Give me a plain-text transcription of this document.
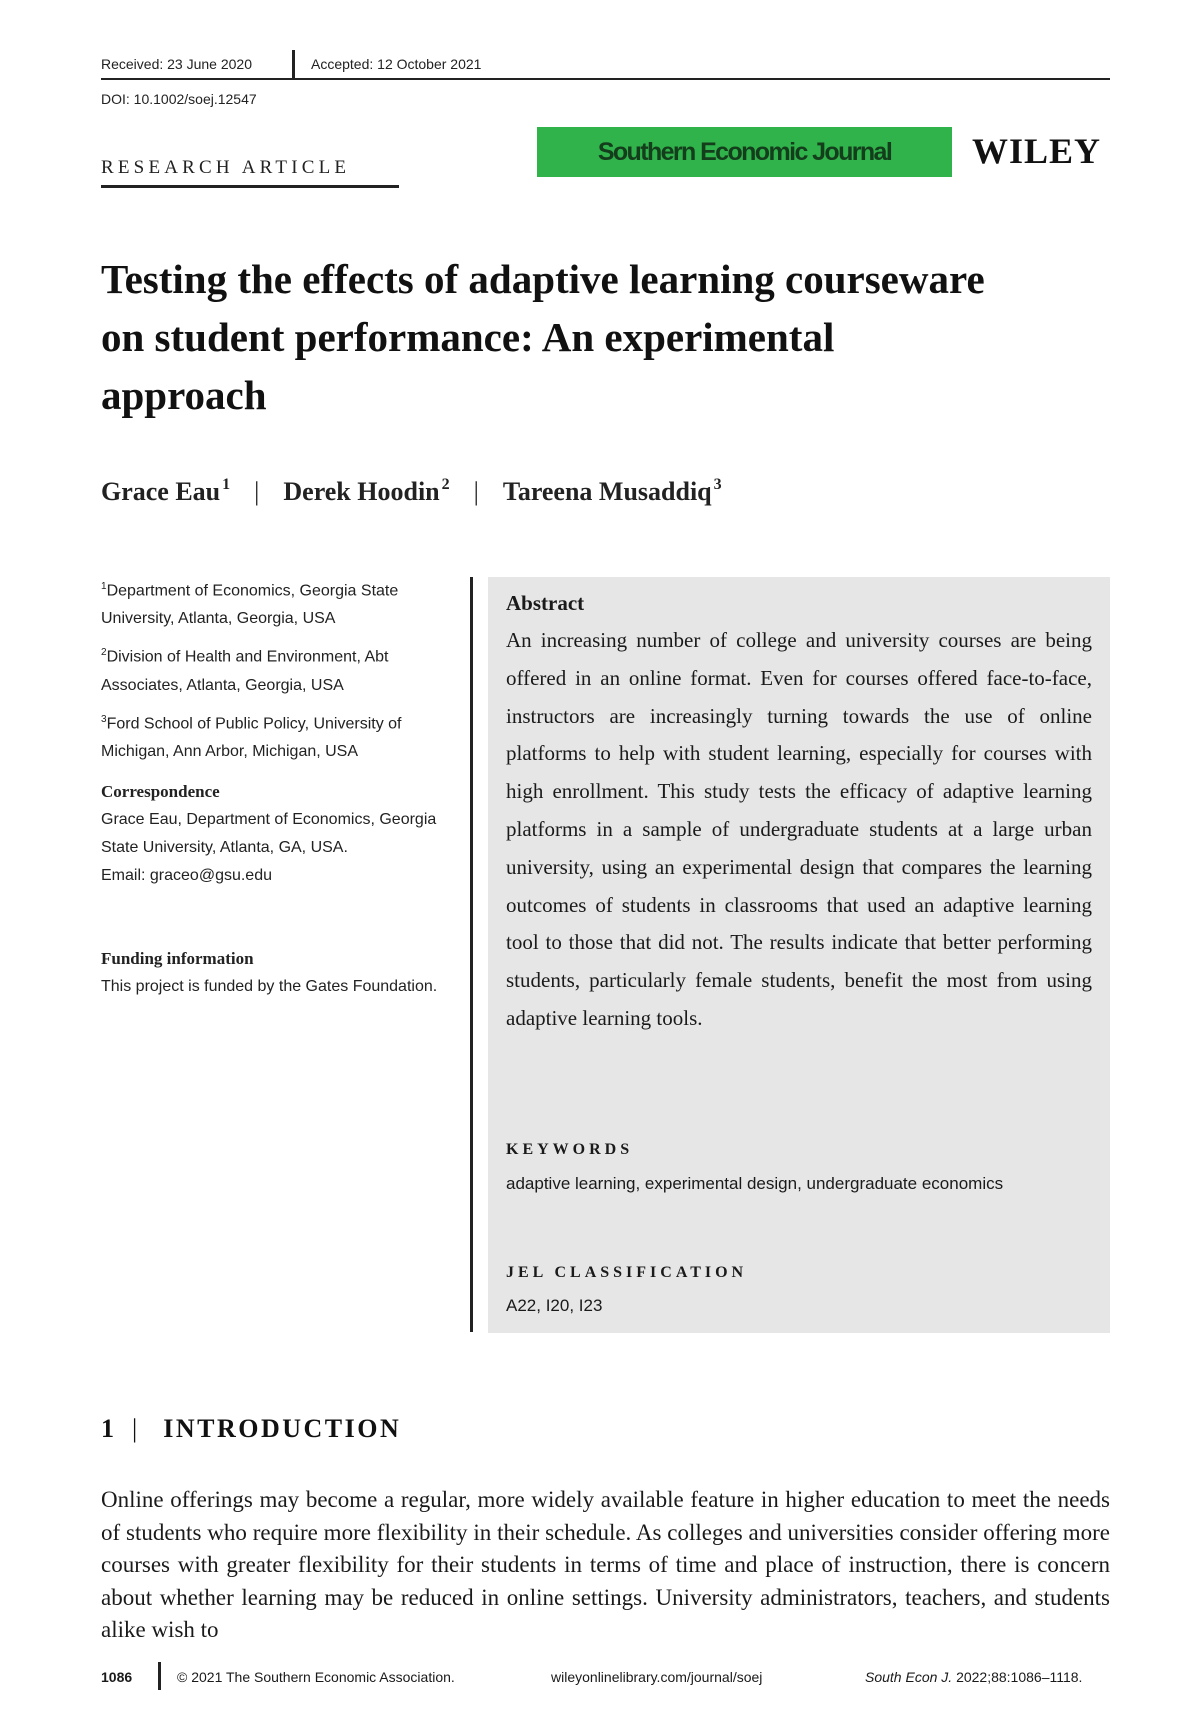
Received: 23 June 2020	Accepted: 12 October 2021
DOI: 10.1002/soej.12547
RESEARCH ARTICLE
Southern Economic Journal	WILEY
Testing the effects of adaptive learning courseware on student performance: An experimental approach
Grace Eau $^1$ | Derek Hoodin $^2$ | Tareena Musaddiq $^3$

$^1$Department of Economics, Georgia State University, Atlanta, Georgia, USA

$^2$Division of Health and Environment, Abt Associates, Atlanta, Georgia, USA

$^3$Ford School of Public Policy, University of Michigan, Ann Arbor, Michigan, USA

Correspondence
Grace Eau, Department of Economics, Georgia State University, Atlanta, GA, USA.
Email: graceo@gsu.edu
Funding information
This project is funded by the Gates Foundation.
Abstract

An increasing number of college and university courses are being offered in an online format. Even for courses offered face-to-face, instructors are increasingly turning towards the use of online platforms to help with student learning, especially for courses with high enrollment. This study tests the efficacy of adaptive learning platforms in a sample of undergraduate students at a large urban university, using an experimental design that compares the learning outcomes of students in classrooms that used an adaptive learning tool to those that did not. The results indicate that better performing students, particularly female students, benefit the most from using adaptive learning tools.

KEYWORDS

adaptive learning, experimental design, undergraduate economics

JEL CLASSIFICATION

A22, I20, I23
1 | INTRODUCTION

Online offerings may become a regular, more widely available feature in higher education to meet the needs of students who require more flexibility in their schedule. As colleges and universities consider offering more courses with greater flexibility for their students in terms of time and place of instruction, there is concern about whether learning may be reduced in online settings. University administrators, teachers, and students alike wish to

1086	© 2021 The Southern Economic Association.	wileyonlinelibrary.com/journal/soej	South Econ J. 2022;88:1086–1118.
